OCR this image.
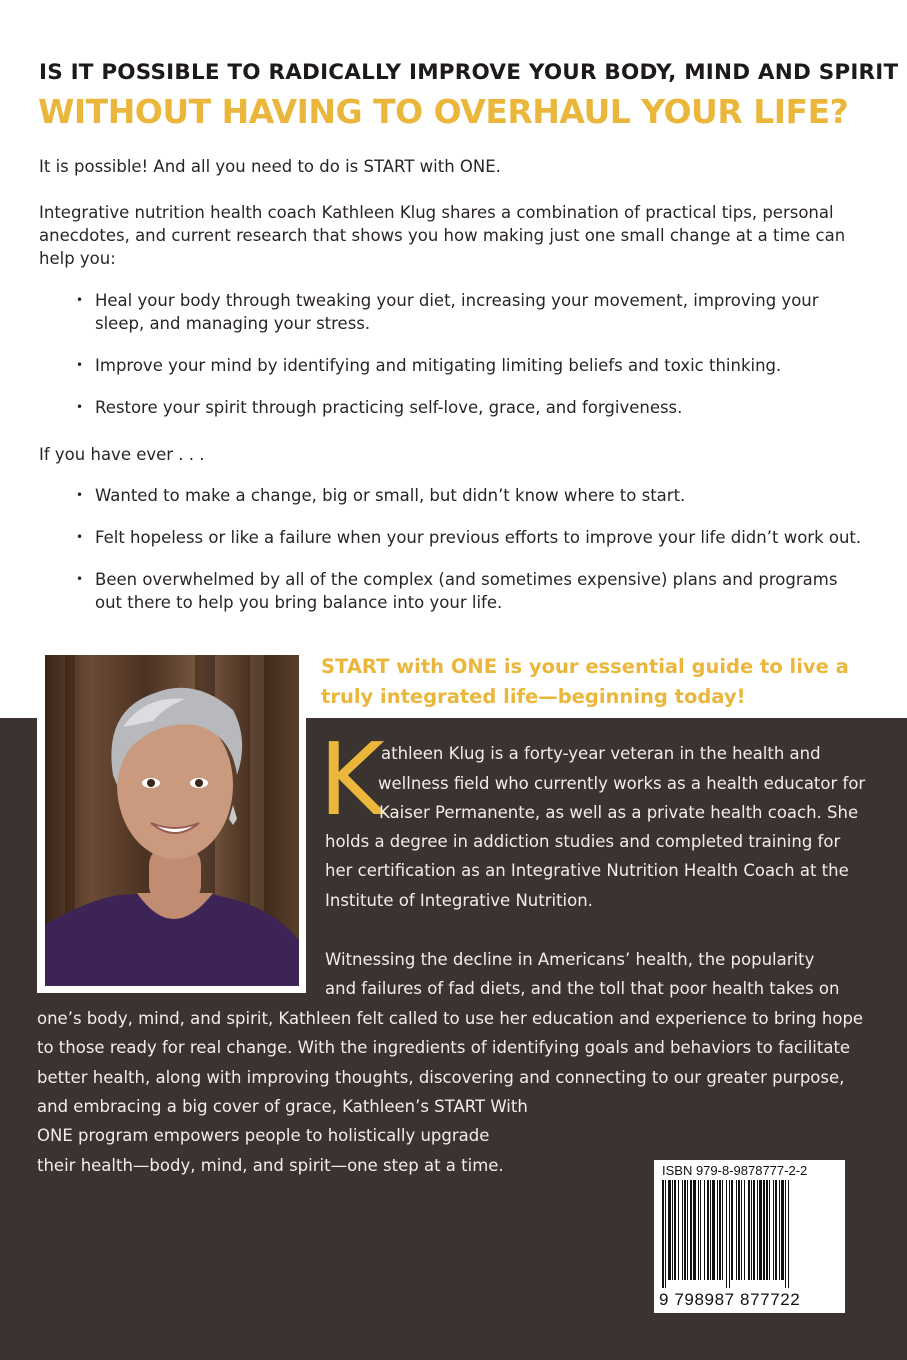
IS IT POSSIBLE TO RADICALLY IMPROVE YOUR BODY, MIND AND SPIRIT
WITHOUT HAVING TO OVERHAUL YOUR LIFE?
It is possible! And all you need to do is START with ONE.
Integrative nutrition health coach Kathleen Klug shares a combination of practical tips, personal anecdotes, and current research that shows you how making just one small change at a time can help you:
• Heal your body through tweaking your diet, increasing your movement, improving your sleep, and managing your stress.
• Improve your mind by identifying and mitigating limiting beliefs and toxic thinking.
• Restore your spirit through practicing self-love, grace, and forgiveness.
If you have ever . . .
• Wanted to make a change, big or small, but didn’t know where to start.
• Felt hopeless or like a failure when your previous efforts to improve your life didn’t work out.
• Been overwhelmed by all of the complex (and sometimes expensive) plans and programs out there to help you bring balance into your life.
START with ONE is your essential guide to live a
truly integrated life—beginning today!
K
athleen Klug is a forty-year veteran in the health and
wellness field who currently works as a health educator for
Kaiser Permanente, as well as a private health coach. She
holds a degree in addiction studies and completed training for
her certification as an Integrative Nutrition Health Coach at the
Institute of Integrative Nutrition.
Witnessing the decline in Americans’ health, the popularity
and failures of fad diets, and the toll that poor health takes on
one’s body, mind, and spirit, Kathleen felt called to use her education and experience to bring hope
to those ready for real change. With the ingredients of identifying goals and behaviors to facilitate
better health, along with improving thoughts, discovering and connecting to our greater purpose,
and embracing a big cover of grace, Kathleen’s START With
ONE program empowers people to holistically upgrade
their health—body, mind, and spirit—one step at a time.	ISBN 979-8-9878777-2-2
9 798987 877722
